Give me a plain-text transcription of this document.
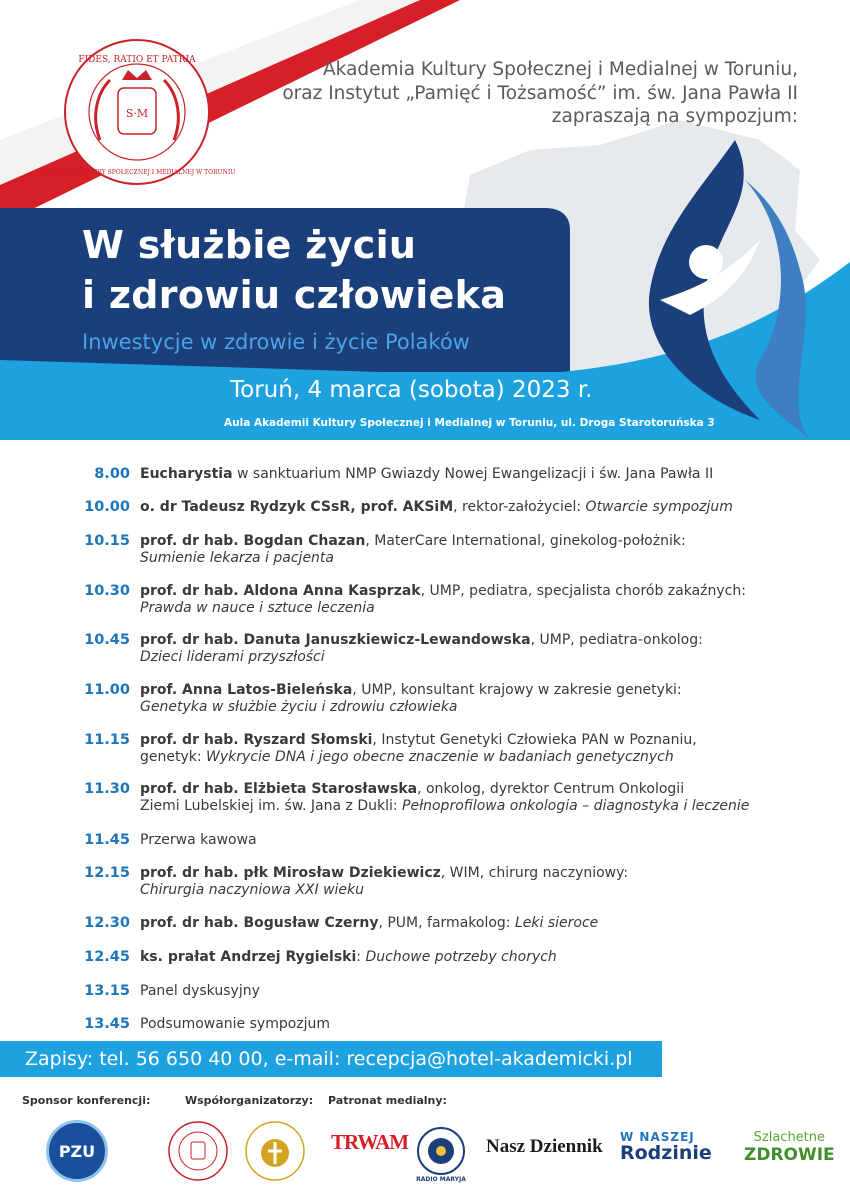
S·M
FIDES, RATIO ET PATRIA
AKADEMIA KULTURY SPOŁECZNEJ I MEDIALNEJ W TORUNIU
Akademia Kultury Społecznej i Medialnej w Toruniu,
oraz Instytut „Pamięć i Tożsamość” im. św. Jana Pawła II
zapraszają na sympozjum:
W służbie życiu
i zdrowiu człowieka
Inwestycje w zdrowie i życie Polaków
Toruń, 4 marca (sobota) 2023 r.
Aula Akademii Kultury Społecznej i Medialnej w Toruniu, ul. Droga Starotoruńska 3
8.00 Eucharystia w sanktuarium NMP Gwiazdy Nowej Ewangelizacji i św. Jana Pawła II
10.00 o. dr Tadeusz Rydzyk CSsR, prof. AKSiM, rektor-założyciel: Otwarcie sympozjum
10.15 prof. dr hab. Bogdan Chazan, MaterCare International, ginekolog-położnik:
Sumienie lekarza i pacjenta
10.30 prof. dr hab. Aldona Anna Kasprzak, UMP, pediatra, specjalista chorób zakaźnych:
Prawda w nauce i sztuce leczenia
10.45 prof. dr hab. Danuta Januszkiewicz-Lewandowska, UMP, pediatra-onkolog:
Dzieci liderami przyszłości
11.00 prof. Anna Latos-Bieleńska, UMP, konsultant krajowy w zakresie genetyki:
Genetyka w służbie życiu i zdrowiu człowieka
11.15 prof. dr hab. Ryszard Słomski, Instytut Genetyki Człowieka PAN w Poznaniu,
genetyk: Wykrycie DNA i jego obecne znaczenie w badaniach genetycznych
11.30 prof. dr hab. Elżbieta Starosławska, onkolog, dyrektor Centrum Onkologii
Ziemi Lubelskiej im. św. Jana z Dukli: Pełnoprofilowa onkologia – diagnostyka i leczenie
11.45 Przerwa kawowa
12.15 prof. dr hab. płk Mirosław Dziekiewicz, WIM, chirurg naczyniowy:
Chirurgia naczyniowa XXI wieku
12.30 prof. dr hab. Bogusław Czerny, PUM, farmakolog: Leki sieroce
12.45 ks. prałat Andrzej Rygielski: Duchowe potrzeby chorych
13.15 Panel dyskusyjny
13.45 Podsumowanie sympozjum
Zapisy: tel. 56 650 40 00, e-mail: recepcja@hotel-akademicki.pl
Sponsor konferencji:	Współorganizatorzy: Patronat medialny:
PZU	TRWAM
RADIO MARYJA
Nasz Dziennik W NASZEJ
Rodzinie
Szlachetne
ZDROWIE
